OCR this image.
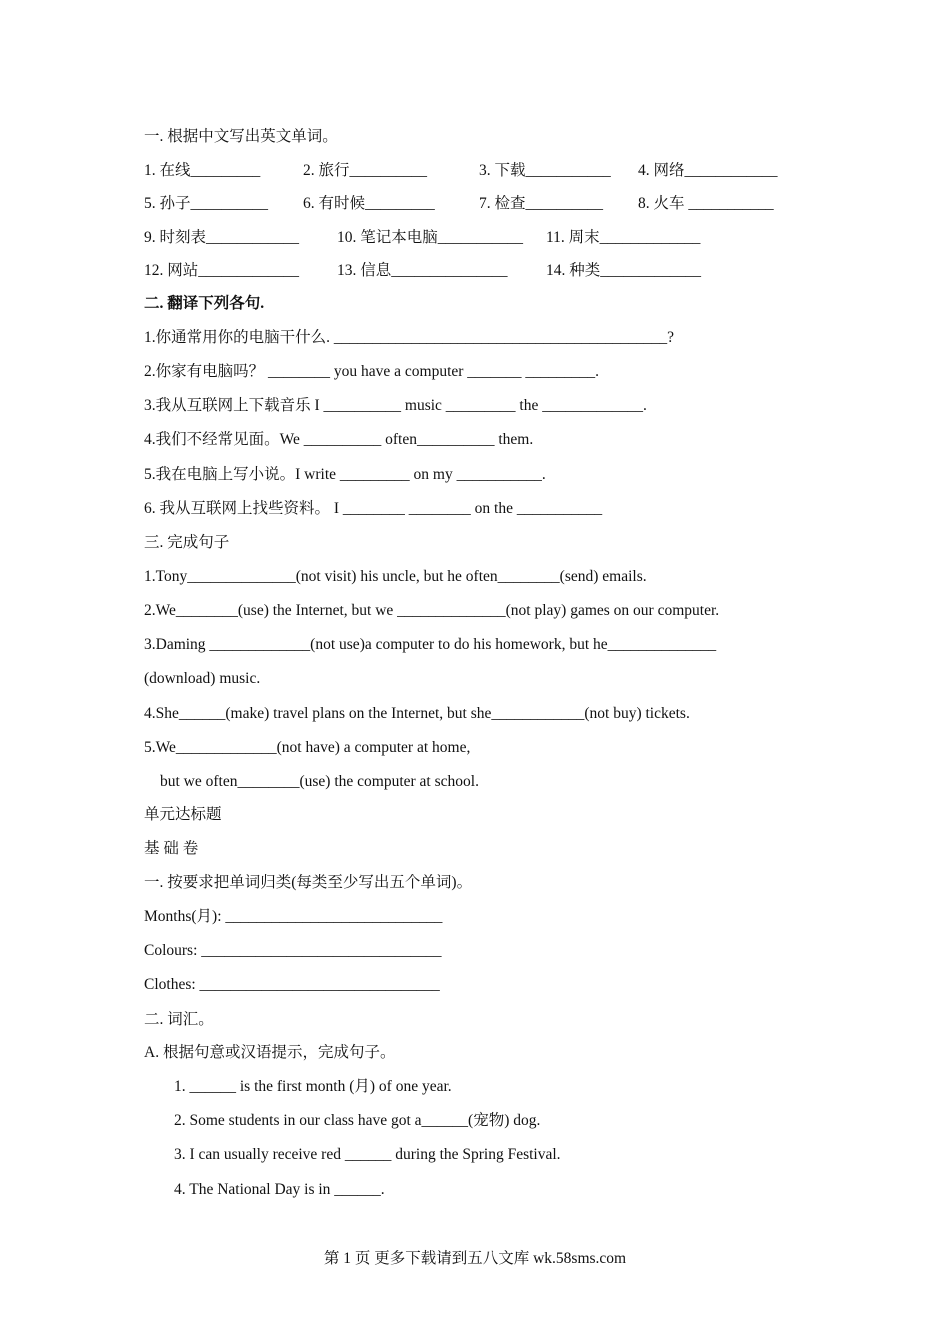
一. 根据中文写出英文单词。
1. 在线_________	2. 旅行__________	3. 下载___________ 4. 网络____________
5. 孙子__________ 6. 有时候_________	7. 检查__________ 8. 火车 ___________
9. 时刻表____________ 10. 笔记本电脑___________ 11. 周末_____________
12. 网站_____________ 13. 信息_______________ 14. 种类_____________
二. 翻译下列各句.
1.你通常用你的电脑干什么. ___________________________________________?
2.你家有电脑吗？ ________ you have a computer _______ _________.
3.我从互联网上下载音乐 I __________ music _________ the _____________.
4.我们不经常见面。We __________ often__________ them.
5.我在电脑上写小说。I write _________ on my ___________.
6. 我从互联网上找些资料。 I ________ ________ on the ___________
三. 完成句子
1.Tony______________(not visit) his uncle, but he often________(send) emails.
2.We________(use) the Internet, but we ______________(not play) games on our computer.
3.Daming _____________(not use)a computer to do his homework, but he______________
(download) music.
4.She______(make) travel plans on the Internet, but she____________(not buy) tickets.
5.We_____________(not have) a computer at home,
but we often________(use) the computer at school.
单元达标题
基 础 卷
一. 按要求把单词归类(每类至少写出五个单词)。
Months(月): ____________________________
Colours: _______________________________
Clothes: _______________________________
二. 词汇。
A. 根据句意或汉语提示，完成句子。
1. ______ is the first month (月) of one year.
2. Some students in our class have got a______(宠物) dog.
3. I can usually receive red ______ during the Spring Festival.
4. The National Day is in ______.
第 1 页 更多下载请到五八文库 wk.58sms.com
